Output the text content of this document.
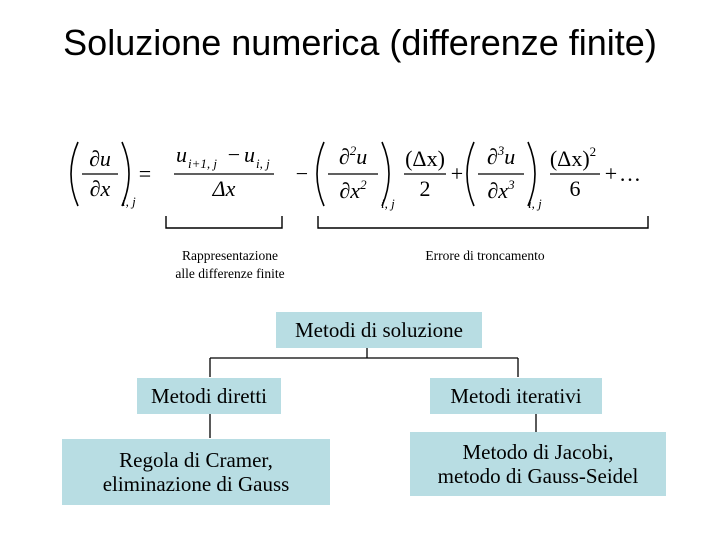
Soluzione numerica (differenze finite)
∂u
∂x
i, j
=
u i+1, j − u i, j
Δx
−
∂$^2$u
$\partial x^2$
i, j
(Δx)
2
+
∂$^3$u
$\partial x^3$
i, j
$(\Delta x)^2$
6
+ …
Rappresentazione
alle differenze finite
Errore di troncamento
Metodi di soluzione
Metodi diretti	Metodi iterativi
Regola di Cramer,
eliminazione di Gauss
Metodo di Jacobi,
metodo di Gauss-Seidel
